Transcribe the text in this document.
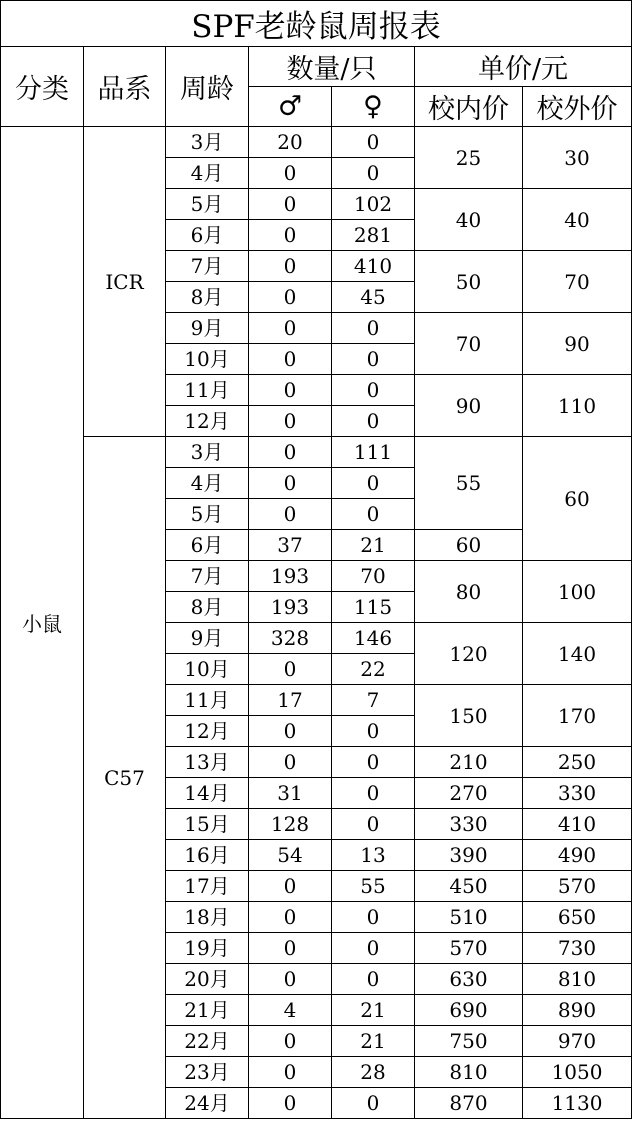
SPF老龄鼠周报表						
分类	品系	周龄	数量/只		单价/元	
			♂	♀	校内价	校外价
小鼠	ICR	3月	20	0	25	30
		4月	0	0		
		5月	0	102	40	40
		6月	0	281		
		7月	0	410	50	70
		8月	0	45		
		9月	0	0	70	90
		10月	0	0		
		11月	0	0	90	110
		12月	0	0		
	C57	3月	0	111	55	60
		4月	0	0		
		5月	0	0		
		6月	37	21	60	
		7月	193	70	80	100
		8月	193	115		
		9月	328	146	120	140
		10月	0	22		
		11月	17	7	150	170
		12月	0	0		
		13月	0	0	210	250
		14月	31	0	270	330
		15月	128	0	330	410
		16月	54	13	390	490
		17月	0	55	450	570
		18月	0	0	510	650
		19月	0	0	570	730
		20月	0	0	630	810
		21月	4	21	690	890
		22月	0	21	750	970
		23月	0	28	810	1050
		24月	0	0	870	1130
